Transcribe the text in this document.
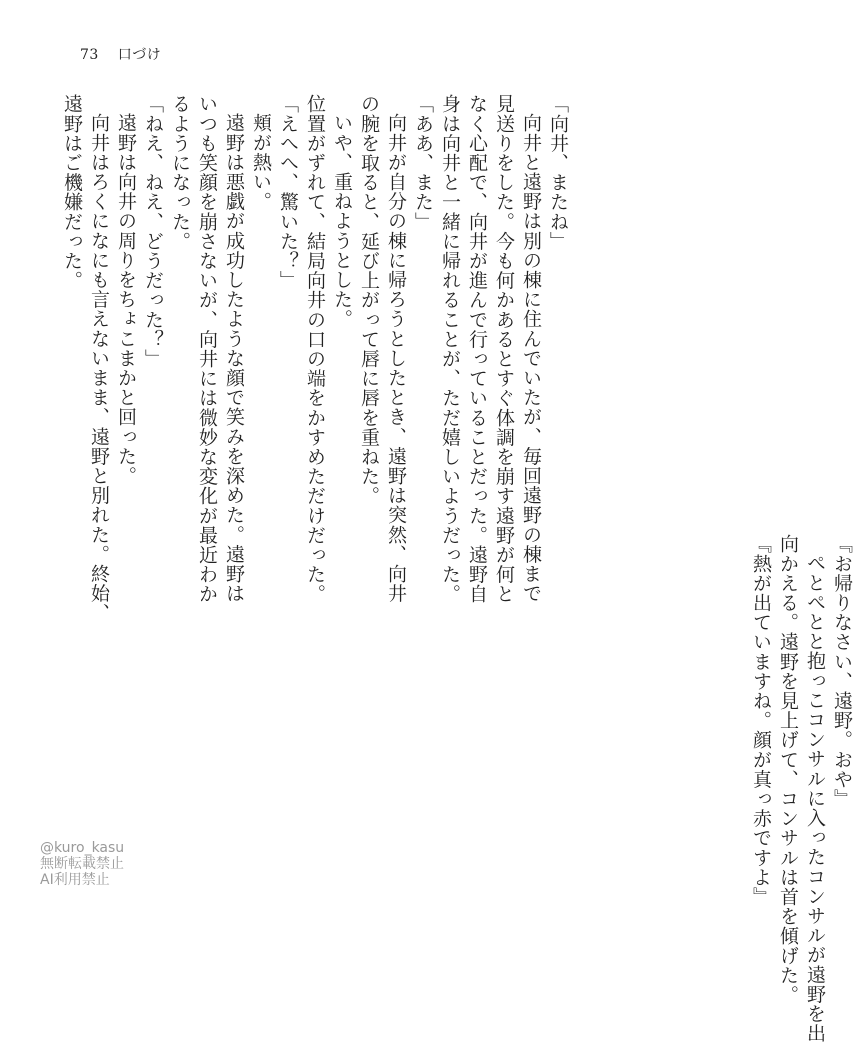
73 口づけ
「向井、またね」
向井と遠野は別の棟に住んでいたが、毎回遠野の棟まで
見送りをした。今も何かあるとすぐ体調を崩す遠野が何と
なく心配で、向井が進んで行っていることだった。遠野自
身は向井と一緒に帰れることが、ただ嬉しいようだった。
「ああ、また」
向井が自分の棟に帰ろうとしたとき、遠野は突然、向井
の腕を取ると、延び上がって唇に唇を重ねた。
いや、重ねようとした。
位置がずれて、結局向井の口の端をかすめただけだった。
「えへへ、驚いた？」
頬が熱い。
遠野は悪戯が成功したような顔で笑みを深めた。遠野は
いつも笑顔を崩さないが、向井には微妙な変化が最近わか
るようになった。
「ねえ、ねえ、どうだった？」
遠野は向井の周りをちょこまかと回った。
向井はろくになにも言えないまま、遠野と別れた。終始、
遠野はご機嫌だった。
『お帰りなさい、遠野。おや』
ぺとぺとと抱っこコンサルに入ったコンサルが遠野を出
向かえる。遠野を見上げて、コンサルは首を傾げた。
『熱が出ていますね。顔が真っ赤ですよ』
@kuro_kasu
無断転載禁止
AI利用禁止
